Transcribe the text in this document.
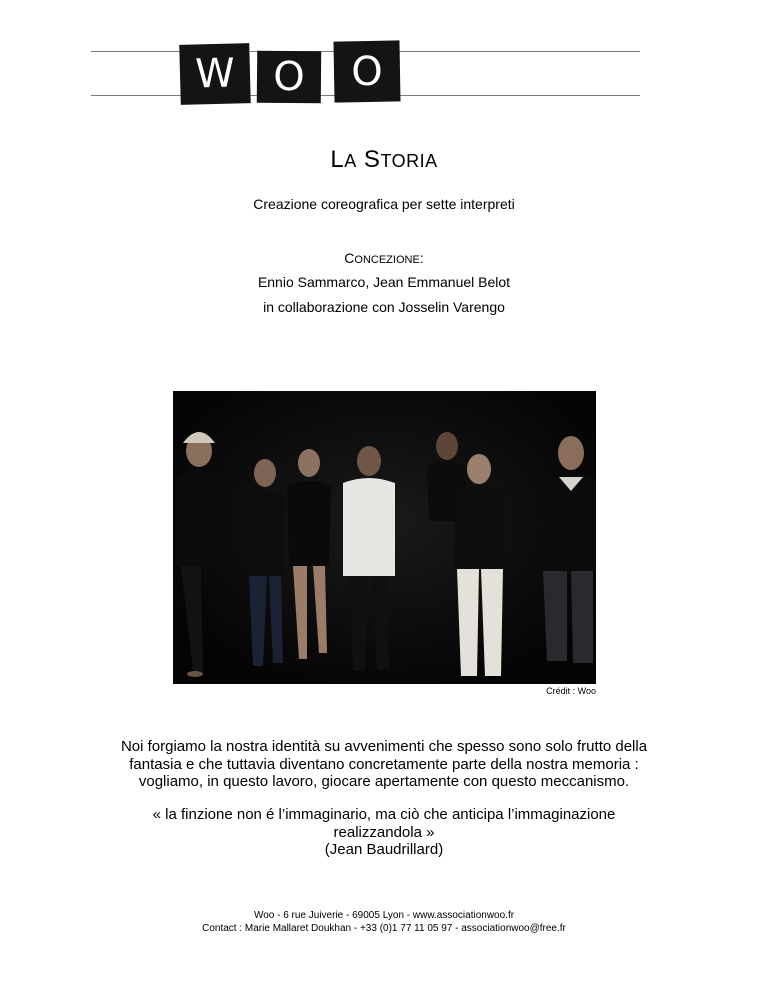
W O	O
LA STORIA
Creazione coreografica per sette interpreti
CONCEZIONE:
Ennio Sammarco, Jean Emmanuel Belot
in collaborazione con Josselin Varengo
Crédit : Woo
Noi forgiamo la nostra identità su avvenimenti che spesso sono solo frutto della
fantasia e che tuttavia diventano concretamente parte della nostra memoria :
vogliamo, in questo lavoro, giocare apertamente con questo meccanismo.
« la finzione non é l’immaginario, ma ciò che anticipa l’immaginazione
realizzandola »
(Jean Baudrillard)
Woo - 6 rue Juiverie - 69005 Lyon - www.associationwoo.fr
Contact : Marie Mallaret Doukhan - +33 (0)1 77 11 05 97 - associationwoo@free.fr
